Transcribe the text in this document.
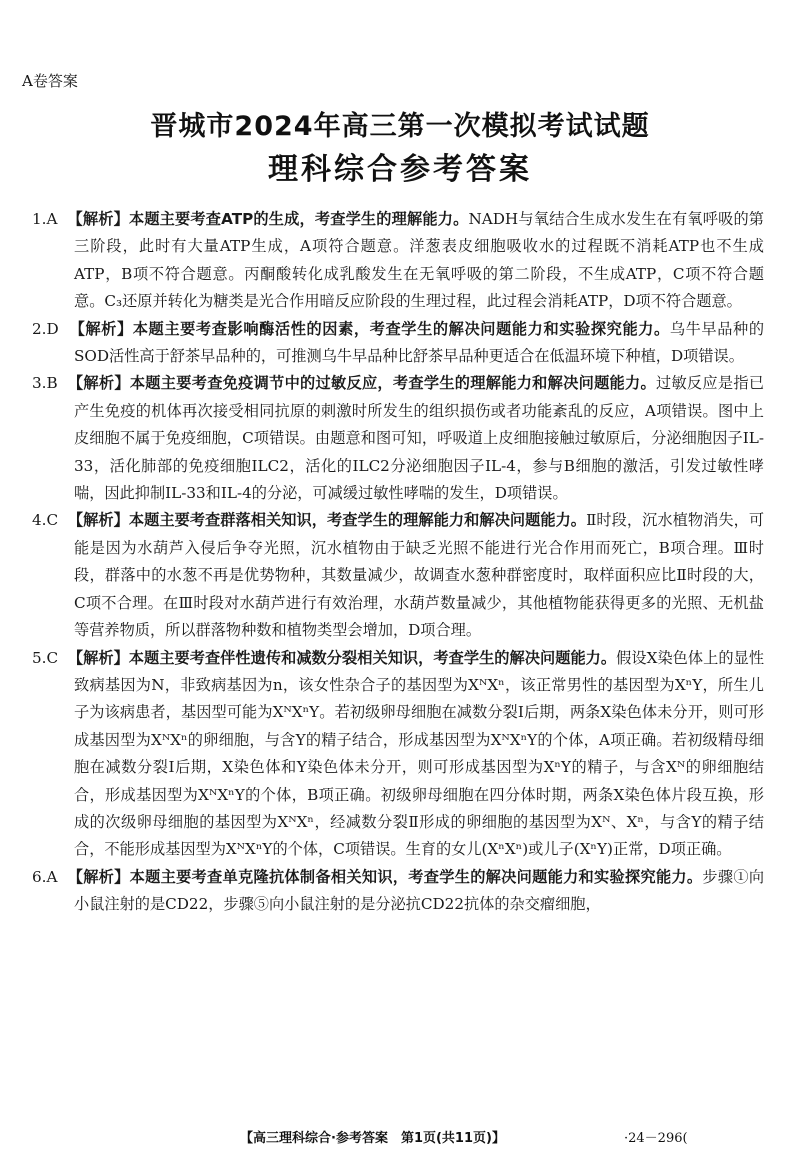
A卷答案
晋城市2024年高三第一次模拟考试试题
理科综合参考答案

1.A 【解析】本题主要考查ATP的生成，考查学生的理解能力。NADH与氧结合生成水发生在有氧呼吸的第三阶段，此时有大量ATP生成，A项符合题意。洋葱表皮细胞吸收水的过程既不消耗ATP也不生成ATP，B项不符合题意。丙酮酸转化成乳酸发生在无氧呼吸的第二阶段，不生成ATP，C项不符合题意。C₃还原并转化为糖类是光合作用暗反应阶段的生理过程，此过程会消耗ATP，D项不符合题意。

2.D 【解析】本题主要考查影响酶活性的因素，考查学生的解决问题能力和实验探究能力。乌牛早品种的SOD活性高于舒茶早品种的，可推测乌牛早品种比舒茶早品种更适合在低温环境下种植，D项错误。

3.B 【解析】本题主要考查免疫调节中的过敏反应，考查学生的理解能力和解决问题能力。过敏反应是指已产生免疫的机体再次接受相同抗原的刺激时所发生的组织损伤或者功能紊乱的反应，A项错误。图中上皮细胞不属于免疫细胞，C项错误。由题意和图可知，呼吸道上皮细胞接触过敏原后，分泌细胞因子IL-33，活化肺部的免疫细胞ILC2，活化的ILC2分泌细胞因子IL-4，参与B细胞的激活，引发过敏性哮喘，因此抑制IL-33和IL-4的分泌，可减缓过敏性哮喘的发生，D项错误。

4.C 【解析】本题主要考查群落相关知识，考查学生的理解能力和解决问题能力。Ⅱ时段，沉水植物消失，可能是因为水葫芦入侵后争夺光照，沉水植物由于缺乏光照不能进行光合作用而死亡，B项合理。Ⅲ时段，群落中的水葱不再是优势物种，其数量减少，故调查水葱种群密度时，取样面积应比Ⅱ时段的大，C项不合理。在Ⅲ时段对水葫芦进行有效治理，水葫芦数量减少，其他植物能获得更多的光照、无机盐等营养物质，所以群落物种数和植物类型会增加，D项合理。

5.C 【解析】本题主要考查伴性遗传和减数分裂相关知识，考查学生的解决问题能力。假设X染色体上的显性致病基因为N，非致病基因为n，该女性杂合子的基因型为XᴺXⁿ，该正常男性的基因型为XⁿY，所生儿子为该病患者，基因型可能为XᴺXⁿY。若初级卵母细胞在减数分裂Ⅰ后期，两条X染色体未分开，则可形成基因型为XᴺXⁿ的卵细胞，与含Y的精子结合，形成基因型为XᴺXⁿY的个体，A项正确。若初级精母细胞在减数分裂Ⅰ后期，X染色体和Y染色体未分开，则可形成基因型为XⁿY的精子，与含Xᴺ的卵细胞结合，形成基因型为XᴺXⁿY的个体，B项正确。初级卵母细胞在四分体时期，两条X染色体片段互换，形成的次级卵母细胞的基因型为XᴺXⁿ，经减数分裂Ⅱ形成的卵细胞的基因型为Xᴺ、Xⁿ，与含Y的精子结合，不能形成基因型为XᴺXⁿY的个体，C项错误。生育的女儿(XⁿXⁿ)或儿子(XⁿY)正常，D项正确。

6.A 【解析】本题主要考查单克隆抗体制备相关知识，考查学生的解决问题能力和实验探究能力。步骤①向小鼠注射的是CD22，步骤⑤向小鼠注射的是分泌抗CD22抗体的杂交瘤细胞，

【高三理科综合·参考答案　第1页(共11页)】	·24－296(
